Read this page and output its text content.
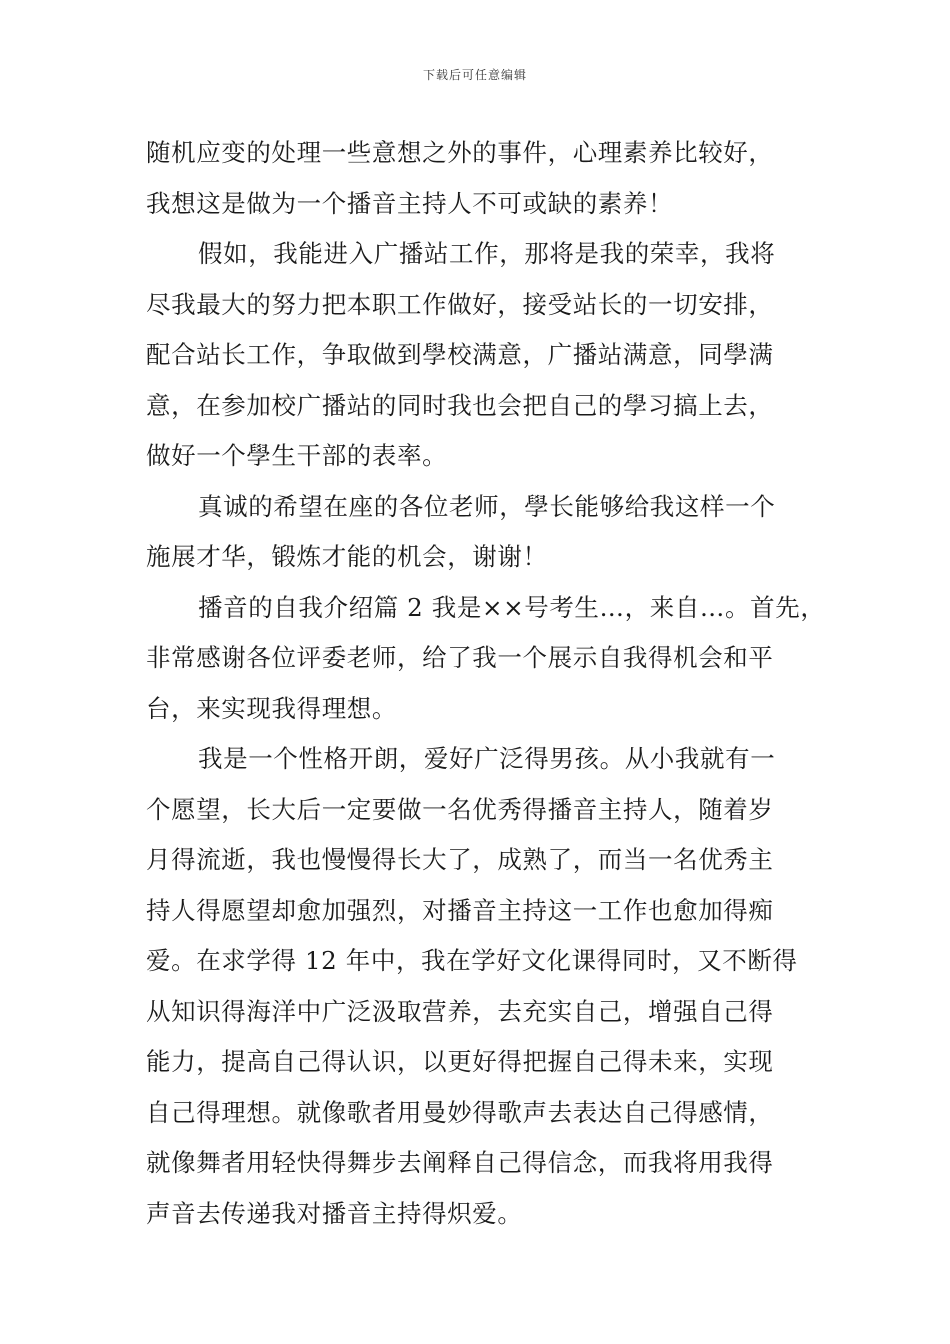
下载后可任意编辑
随机应变的处理一些意想之外的事件，心理素养比较好，
我想这是做为一个播音主持人不可或缺的素养！
假如，我能进入广播站工作，那将是我的荣幸，我将
尽我最大的努力把本职工作做好，接受站长的一切安排，
配合站长工作，争取做到學校满意，广播站满意，同學满
意，在参加校广播站的同时我也会把自己的學习搞上去，
做好一个學生干部的表率。
真诚的希望在座的各位老师，學长能够给我这样一个
施展才华，锻炼才能的机会，谢谢！
播音的自我介绍篇 2 我是××号考生…，来自…。首先，
非常感谢各位评委老师，给了我一个展示自我得机会和平
台，来实现我得理想。
我是一个性格开朗，爱好广泛得男孩。从小我就有一
个愿望，长大后一定要做一名优秀得播音主持人，随着岁
月得流逝，我也慢慢得长大了，成熟了，而当一名优秀主
持人得愿望却愈加强烈，对播音主持这一工作也愈加得痴
爱。在求学得 12 年中，我在学好文化课得同时，又不断得
从知识得海洋中广泛汲取营养，去充实自己，增强自己得
能力，提高自己得认识，以更好得把握自己得未来，实现
自己得理想。就像歌者用曼妙得歌声去表达自己得感情，
就像舞者用轻快得舞步去阐释自己得信念，而我将用我得
声音去传递我对播音主持得炽爱。
